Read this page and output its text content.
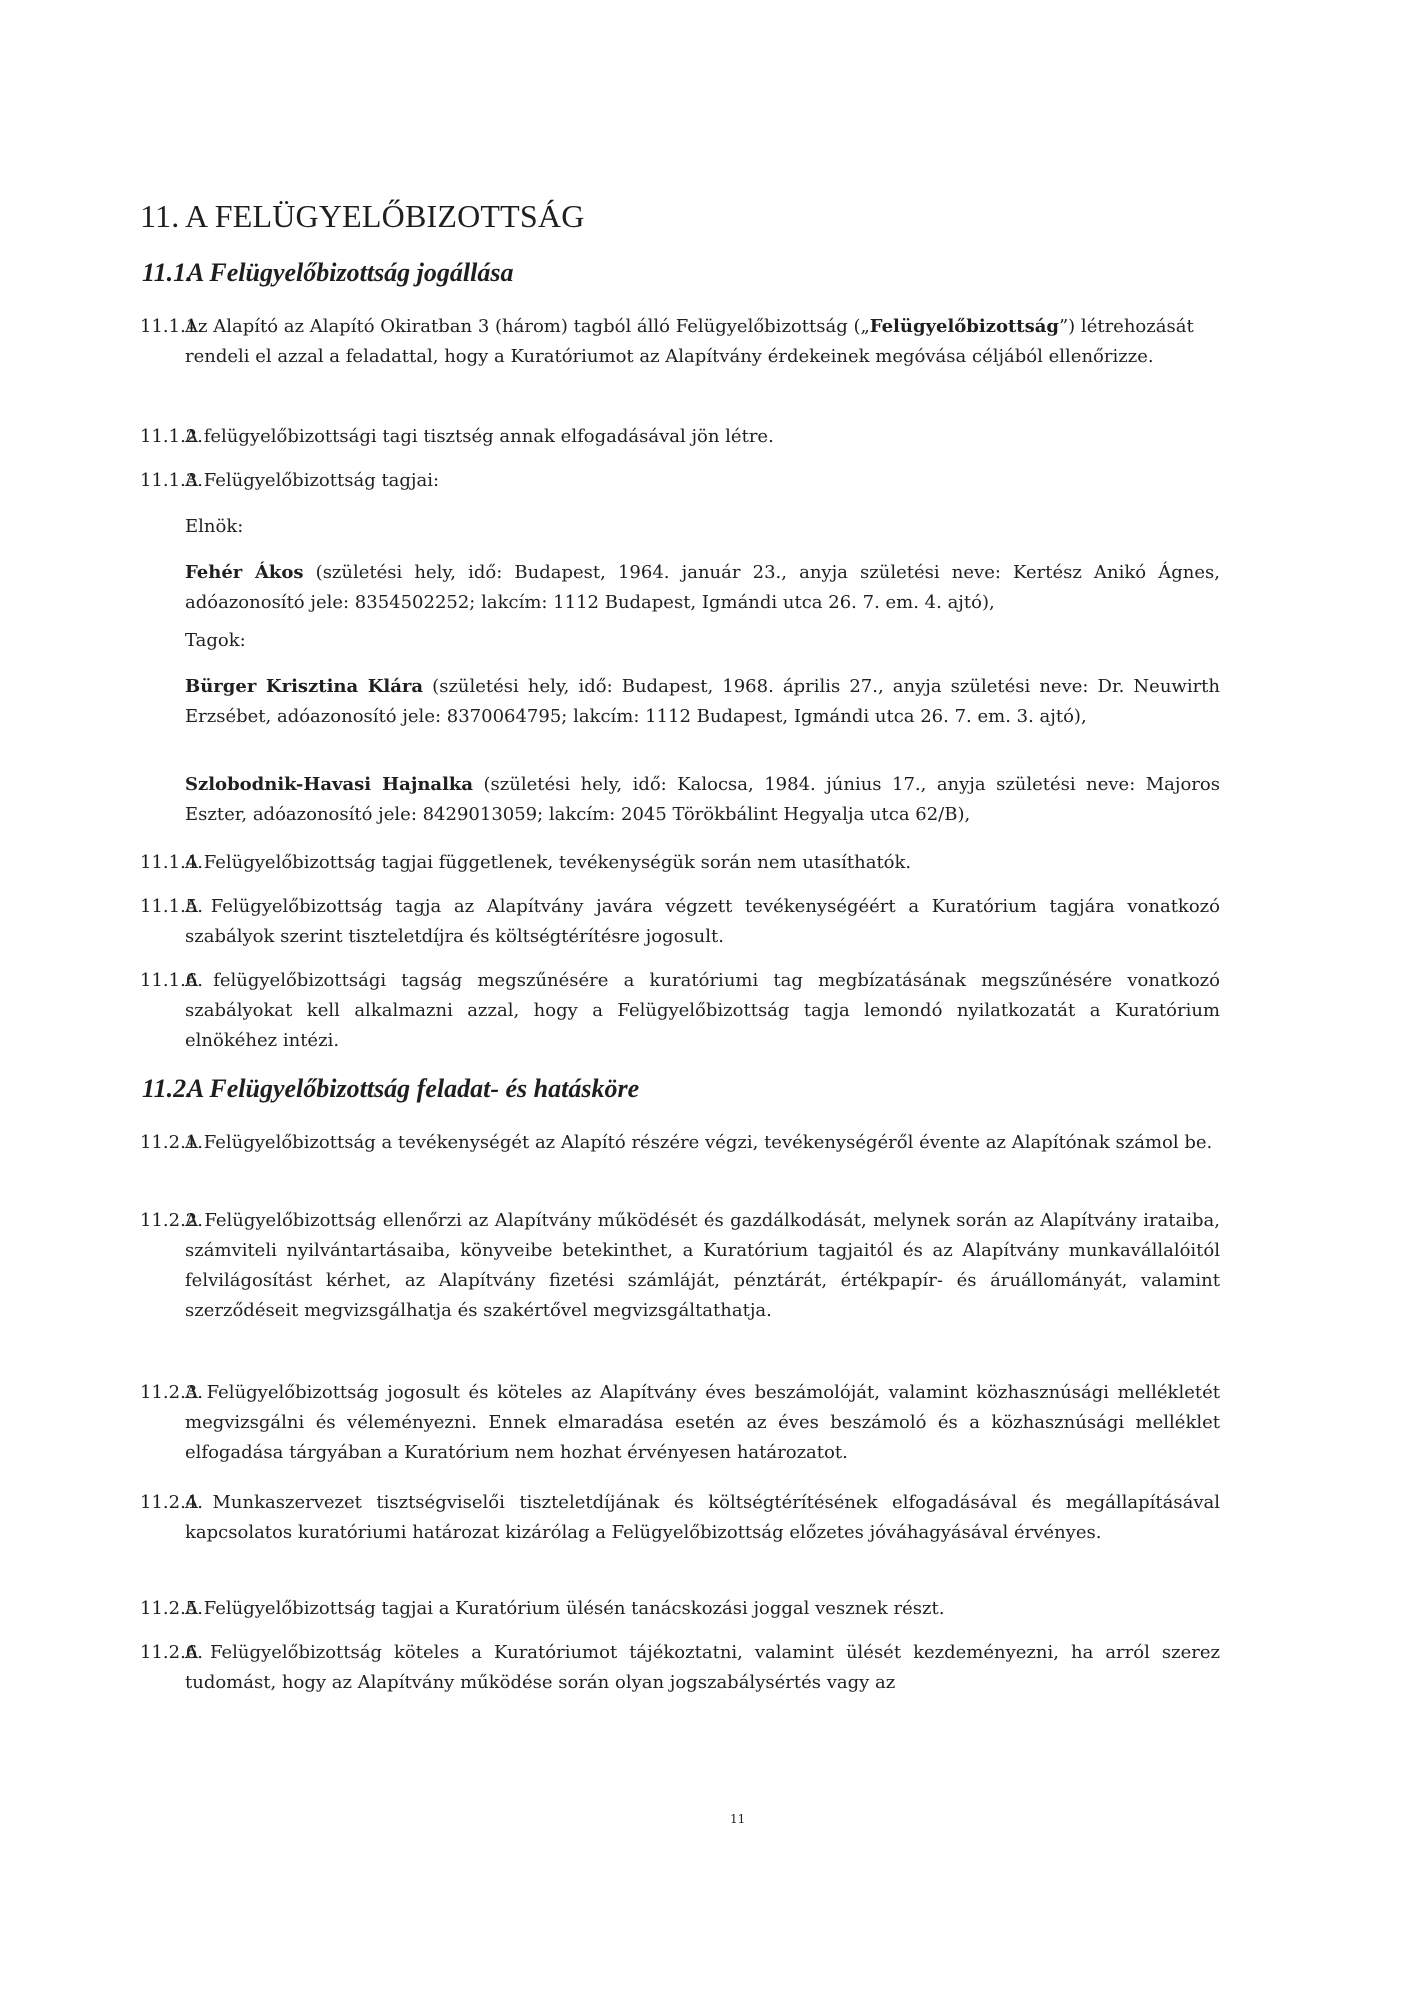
11. A FELÜGYELŐBIZOTTSÁG
11.1.A Felügyelőbizottság jogállása
11.1.1.
Az Alapító az Alapító Okiratban 3 (három) tagból álló Felügyelőbizottság („Felügyelőbizottság”) létrehozását rendeli el azzal a feladattal, hogy a Kuratóriumot az Alapítvány érdekeinek megóvása céljából ellenőrizze.
11.1.2.
A felügyelőbizottsági tagi tisztség annak elfogadásával jön létre.
11.1.3.
A Felügyelőbizottság tagjai:
Elnök:
Fehér Ákos (születési hely, idő: Budapest, 1964. január 23., anyja születési neve: Kertész Anikó Ágnes, adóazonosító jele: 8354502252; lakcím: 1112 Budapest, Igmándi utca 26. 7. em. 4. ajtó),
Tagok:
Bürger Krisztina Klára (születési hely, idő: Budapest, 1968. április 27., anyja születési neve: Dr. Neuwirth Erzsébet, adóazonosító jele: 8370064795; lakcím: 1112 Budapest, Igmándi utca 26. 7. em. 3. ajtó),
Szlobodnik-Havasi Hajnalka (születési hely, idő: Kalocsa, 1984. június 17., anyja születési neve: Majoros Eszter, adóazonosító jele: 8429013059; lakcím: 2045 Törökbálint Hegyalja utca 62/B),
11.1.4.
A Felügyelőbizottság tagjai függetlenek, tevékenységük során nem utasíthatók.
11.1.5.
A Felügyelőbizottság tagja az Alapítvány javára végzett tevékenységéért a Kuratórium tagjára vonatkozó szabályok szerint tiszteletdíjra és költségtérítésre jogosult.
11.1.6.
A felügyelőbizottsági tagság megszűnésére a kuratóriumi tag megbízatásának megszűnésére vonatkozó szabályokat kell alkalmazni azzal, hogy a Felügyelőbizottság tagja lemondó nyilatkozatát a Kuratórium elnökéhez intézi.
11.2.A Felügyelőbizottság feladat- és hatásköre
11.2.1.
A Felügyelőbizottság a tevékenységét az Alapító részére végzi, tevékenységéről évente az Alapítónak számol be.
11.2.2.
A Felügyelőbizottság ellenőrzi az Alapítvány működését és gazdálkodását, melynek során az Alapítvány irataiba, számviteli nyilvántartásaiba, könyveibe betekinthet, a Kuratórium tagjaitól és az Alapítvány munkavállalóitól felvilágosítást kérhet, az Alapítvány fizetési számláját, pénztárát, értékpapír- és áruállományát, valamint szerződéseit megvizsgálhatja és szakértővel megvizsgáltathatja.
11.2.3.
A Felügyelőbizottság jogosult és köteles az Alapítvány éves beszámolóját, valamint közhasznúsági mellékletét megvizsgálni és véleményezni. Ennek elmaradása esetén az éves beszámoló és a közhasznúsági melléklet elfogadása tárgyában a Kuratórium nem hozhat érvényesen határozatot.
11.2.4.
A Munkaszervezet tisztségviselői tiszteletdíjának és költségtérítésének elfogadásával és megállapításával kapcsolatos kuratóriumi határozat kizárólag a Felügyelőbizottság előzetes jóváhagyásával érvényes.
11.2.5.
A Felügyelőbizottság tagjai a Kuratórium ülésén tanácskozási joggal vesznek részt.
11.2.6.
A Felügyelőbizottság köteles a Kuratóriumot tájékoztatni, valamint ülését kezdeményezni, ha arról szerez tudomást, hogy az Alapítvány működése során olyan jogszabálysértés vagy az
11
